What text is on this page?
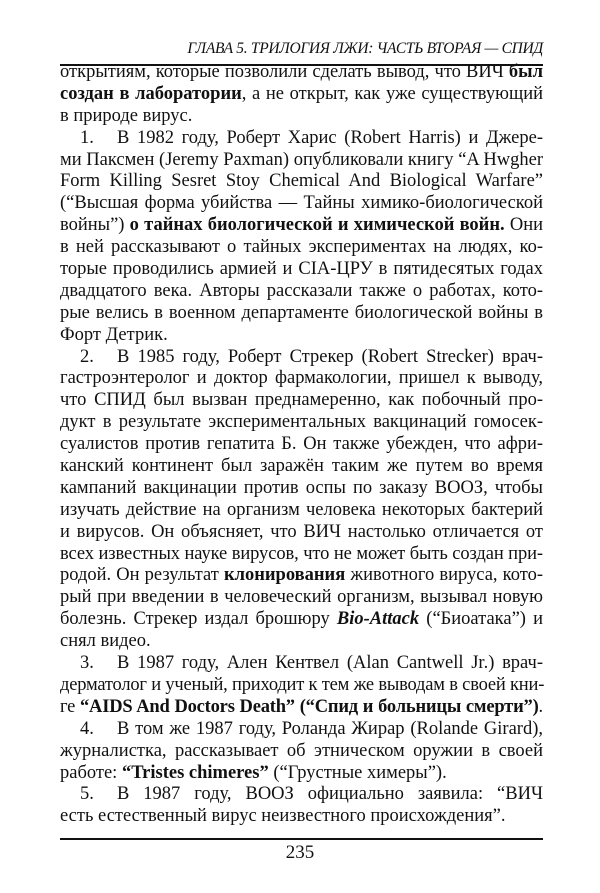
ГЛАВА 5. ТРИЛОГИЯ ЛЖИ: ЧАСТЬ ВТОРАЯ — СПИД
открытиям, которые позволили сделать вывод, что ВИЧ был
создан в лаборатории, а не открыт, как уже существующий
в природе вирус.
1. В 1982 году, Роберт Харис (Robert Harris) и Джере-
ми Паксмен (Jeremy Paxman) опубликовали книгу “A Hwgher
Form Killing Sesret Stoy Chemical And Biological Warfare”
(“Высшая форма убийства — Тайны химико-биологической
войны”) о тайнах биологической и химической войн. Они
в ней рассказывают о тайных экспериментах на людях, ко-
торые проводились армией и CIA-ЦРУ в пятидесятых годах
двадцатого века. Авторы рассказали также о работах, кото-
рые велись в военном департаменте биологической войны в
Форт Детрик.
2. В 1985 году, Роберт Стрекер (Robert Strecker) врач-
гастроэнтеролог и доктор фармакологии, пришел к выводу,
что СПИД был вызван преднамеренно, как побочный про-
дукт в результате экспериментальных вакцинаций гомосек-
суалистов против гепатита Б. Он также убежден, что афри-
канский континент был заражён таким же путем во время
кампаний вакцинации против оспы по заказу ВООЗ, чтобы
изучать действие на организм человека некоторых бактерий
и вирусов. Он объясняет, что ВИЧ настолько отличается от
всех известных науке вирусов, что не может быть создан при-
родой. Он результат клонирования животного вируса, кото-
рый при введении в человеческий организм, вызывал новую
болезнь. Стрекер издал брошюру Bio-Attack (“Биоатака”) и
снял видео.
3. В 1987 году, Ален Кентвел (Alan Cantwell Jr.) врач-
дерматолог и ученый, приходит к тем же выводам в своей кни-
ге “AIDS And Doctors Death” (“Спид и больницы смерти”).
4. В том же 1987 году, Роланда Жирар (Rolande Girard),
журналистка, рассказывает об этническом оружии в своей
работе: “Tristes chimeres” (“Грустные химеры”).
5. В 1987 году, ВООЗ официально заявила: “ВИЧ
есть естественный вирус неизвестного происхождения”.
235
